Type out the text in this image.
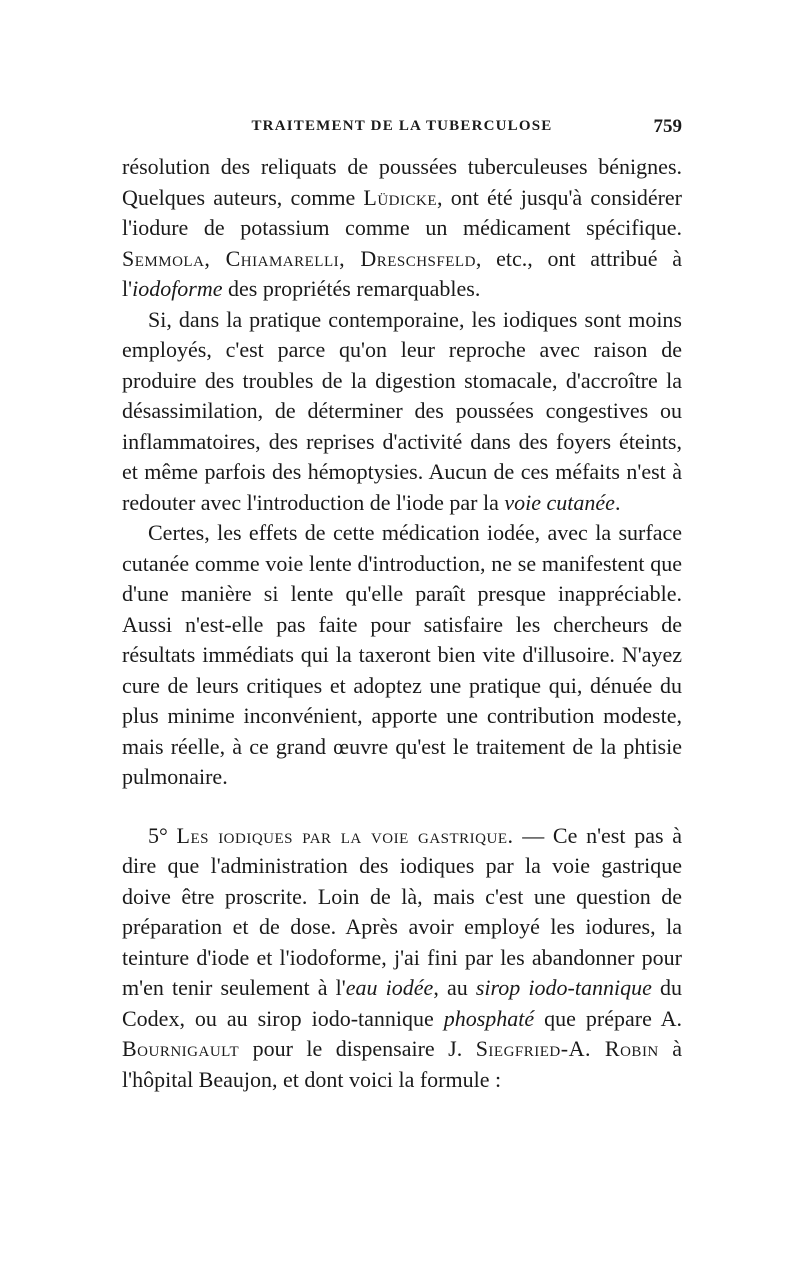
TRAITEMENT DE LA TUBERCULOSE	759

résolution des reliquats de poussées tuberculeuses bénignes. Quelques auteurs, comme Lüdicke, ont été jusqu'à considérer l'iodure de potassium comme un médicament spécifique. Semmola, Chiamarelli, Dreschsfeld, etc., ont attribué à l'iodoforme des propriétés remarquables.

Si, dans la pratique contemporaine, les iodiques sont moins employés, c'est parce qu'on leur reproche avec raison de produire des troubles de la digestion stomacale, d'accroître la désassimilation, de déterminer des poussées congestives ou inflammatoires, des reprises d'activité dans des foyers éteints, et même parfois des hémoptysies. Aucun de ces méfaits n'est à redouter avec l'introduction de l'iode par la voie cutanée.

Certes, les effets de cette médication iodée, avec la surface cutanée comme voie lente d'introduction, ne se manifestent que d'une manière si lente qu'elle paraît presque inappréciable. Aussi n'est-elle pas faite pour satisfaire les chercheurs de résultats immédiats qui la taxeront bien vite d'illusoire. N'ayez cure de leurs critiques et adoptez une pratique qui, dénuée du plus minime inconvénient, apporte une contribution modeste, mais réelle, à ce grand œuvre qu'est le traitement de la phtisie pulmonaire.

5° Les iodiques par la voie gastrique. — Ce n'est pas à dire que l'administration des iodiques par la voie gastrique doive être proscrite. Loin de là, mais c'est une question de préparation et de dose. Après avoir employé les iodures, la teinture d'iode et l'iodoforme, j'ai fini par les abandonner pour m'en tenir seulement à l'eau iodée, au sirop iodo-tannique du Codex, ou au sirop iodo-tannique phosphaté que prépare A. Bournigault pour le dispensaire J. Siegfried-A. Robin à l'hôpital Beaujon, et dont voici la formule :
